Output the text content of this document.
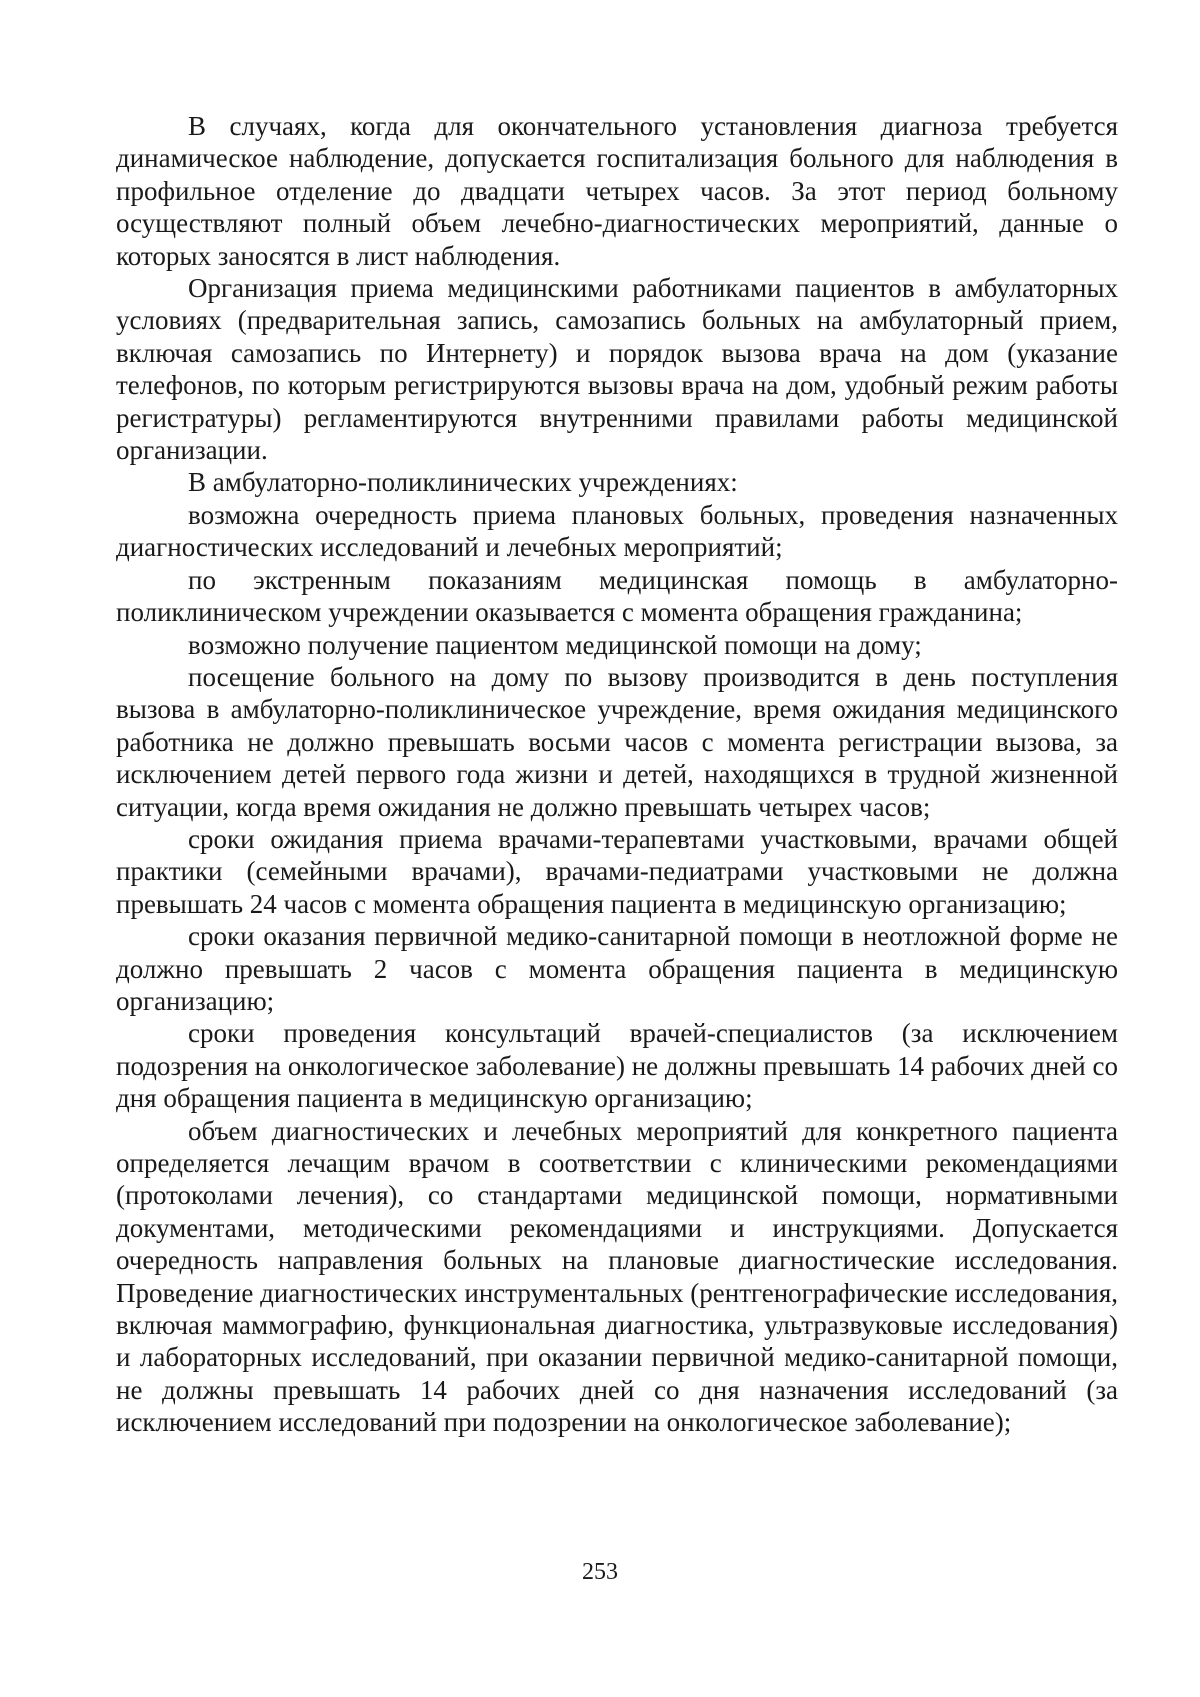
В случаях, когда для окончательного установления диагноза требуется динамическое наблюдение, допускается госпитализация больного для наблюдения в профильное отделение до двадцати четырех часов. За этот период больному осуществляют полный объем лечебно-диагностических мероприятий, данные о которых заносятся в лист наблюдения.

Организация приема медицинскими работниками пациентов в амбулаторных условиях (предварительная запись, самозапись больных на амбулаторный прием, включая самозапись по Интернету) и порядок вызова врача на дом (указание телефонов, по которым регистрируются вызовы врача на дом, удобный режим работы регистратуры) регламентируются внутренними правилами работы медицинской организации.

В амбулаторно-поликлинических учреждениях:

возможна очередность приема плановых больных, проведения назначенных диагностических исследований и лечебных мероприятий;

по экстренным показаниям медицинская помощь в амбулаторно-поликлиническом учреждении оказывается с момента обращения гражданина;

возможно получение пациентом медицинской помощи на дому;

посещение больного на дому по вызову производится в день поступления вызова в амбулаторно-поликлиническое учреждение, время ожидания медицинского работника не должно превышать восьми часов с момента регистрации вызова, за исключением детей первого года жизни и детей, находящихся в трудной жизненной ситуации, когда время ожидания не должно превышать четырех часов;

сроки ожидания приема врачами-терапевтами участковыми, врачами общей практики (семейными врачами), врачами-педиатрами участковыми не должна превышать 24 часов с момента обращения пациента в медицинскую организацию;

сроки оказания первичной медико-санитарной помощи в неотложной форме не должно превышать 2 часов с момента обращения пациента в медицинскую организацию;

сроки проведения консультаций врачей-специалистов (за исключением подозрения на онкологическое заболевание) не должны превышать 14 рабочих дней со дня обращения пациента в медицинскую организацию;

объем диагностических и лечебных мероприятий для конкретного пациента определяется лечащим врачом в соответствии с клиническими рекомендациями (протоколами лечения), со стандартами медицинской помощи, нормативными документами, методическими рекомендациями и инструкциями. Допускается очередность направления больных на плановые диагностические исследования. Проведение диагностических инструментальных (рентгенографические исследования, включая маммографию, функциональная диагностика, ультразвуковые исследования) и лабораторных исследований, при оказании первичной медико-санитарной помощи, не должны превышать 14 рабочих дней со дня назначения исследований (за исключением исследований при подозрении на онкологическое заболевание);

253
